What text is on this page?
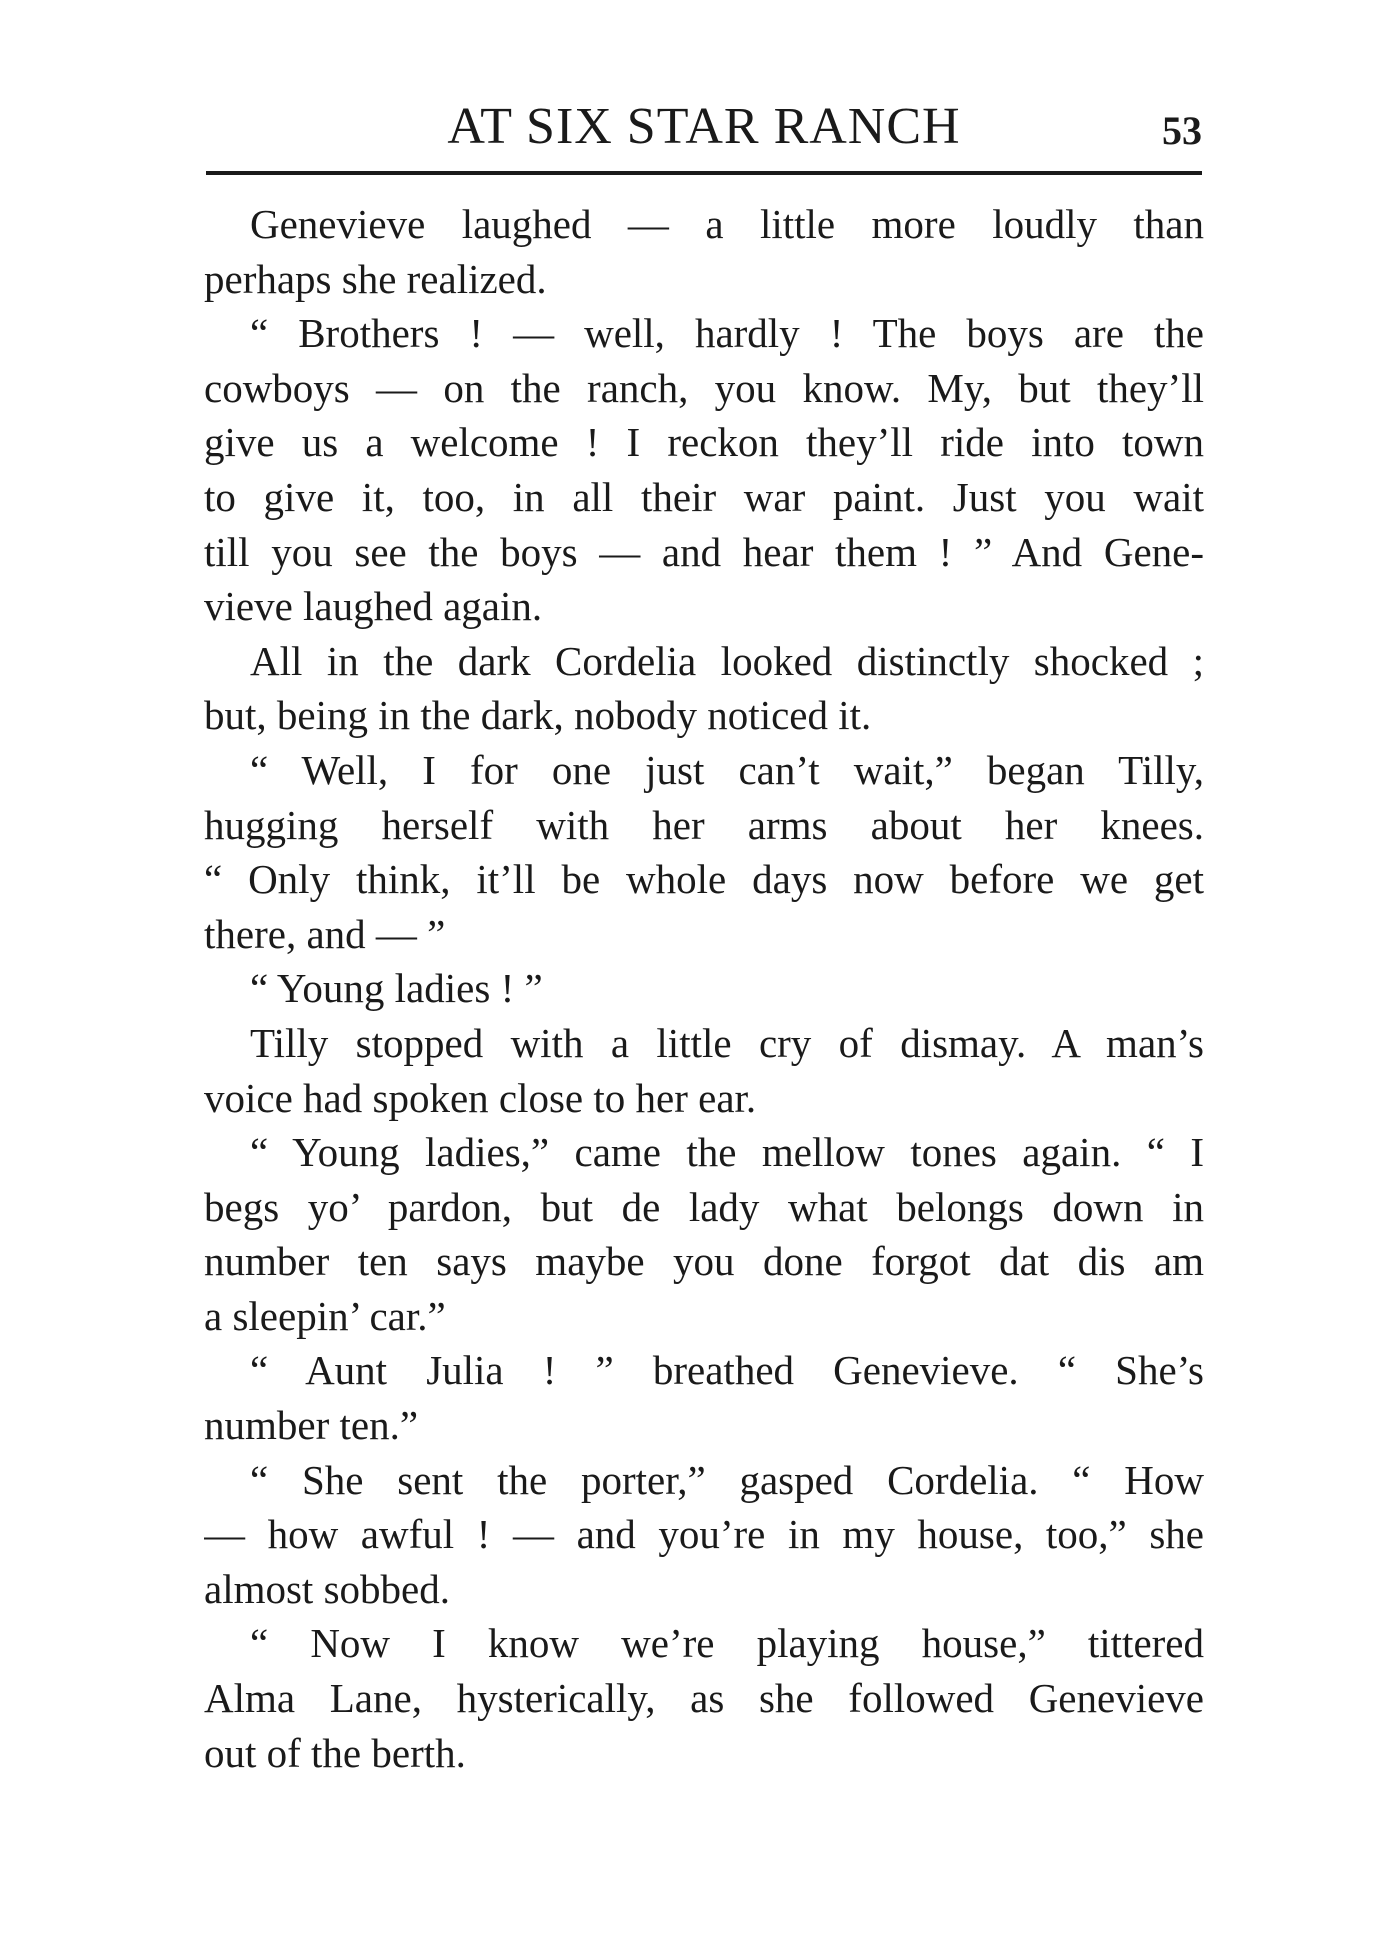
AT SIX STAR RANCH	53
Genevieve laughed — a little more loudly than
perhaps she realized.
“ Brothers ! — well, hardly ! The boys are the
cowboys — on the ranch, you know. My, but they’ll
give us a welcome ! I reckon they’ll ride into town
to give it, too, in all their war paint. Just you wait
till you see the boys — and hear them ! ” And Gene-
vieve laughed again.
All in the dark Cordelia looked distinctly shocked ;
but, being in the dark, nobody noticed it.
“ Well, I for one just can’t wait,” began Tilly,
hugging herself with her arms about her knees.
“ Only think, it’ll be whole days now before we get
there, and — ”
“ Young ladies ! ”
Tilly stopped with a little cry of dismay. A man’s
voice had spoken close to her ear.
“ Young ladies,” came the mellow tones again. “ I
begs yo’ pardon, but de lady what belongs down in
number ten says maybe you done forgot dat dis am
a sleepin’ car.”
“ Aunt Julia ! ” breathed Genevieve. “ She’s
number ten.”
“ She sent the porter,” gasped Cordelia. “ How
— how awful ! — and you’re in my house, too,” she
almost sobbed.
“ Now I know we’re playing house,” tittered
Alma Lane, hysterically, as she followed Genevieve
out of the berth.
